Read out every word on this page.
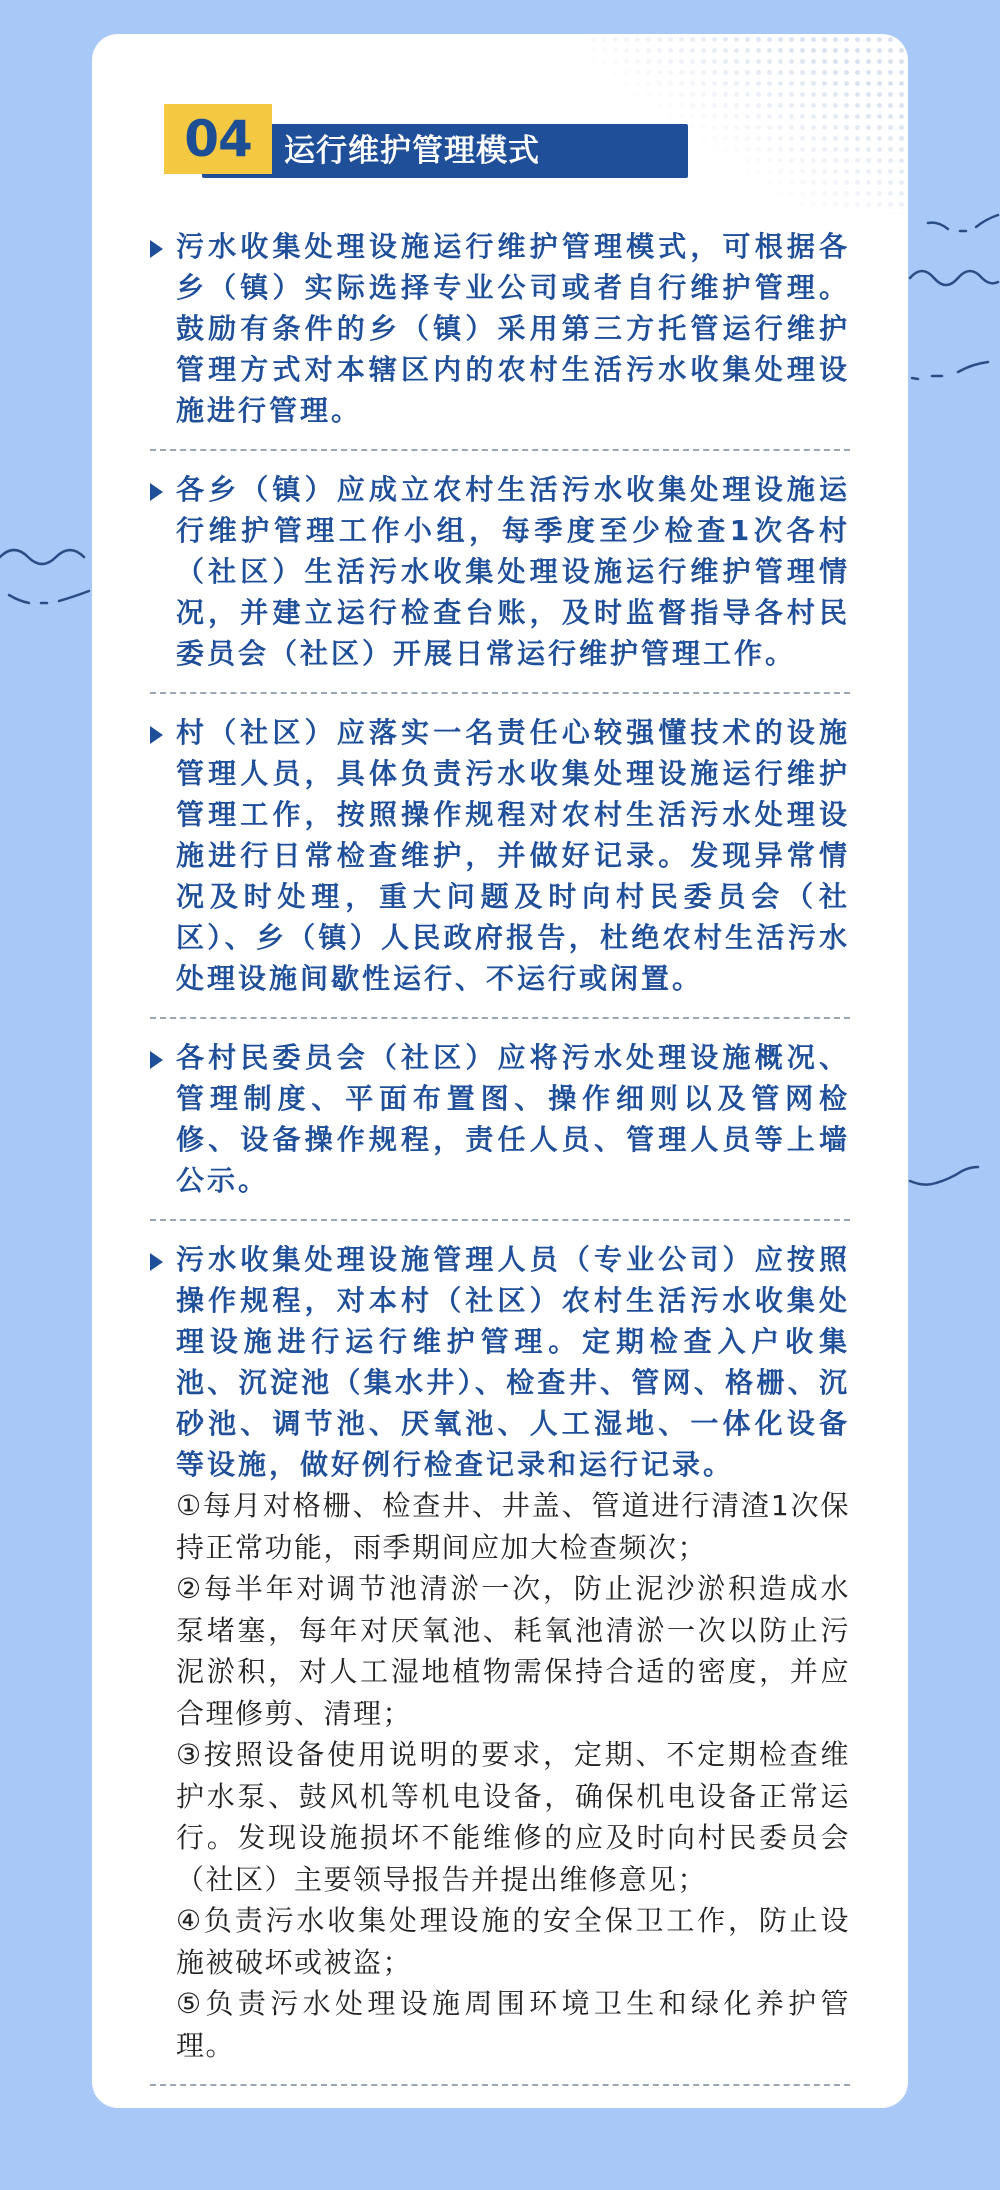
运行维护管理模式
04
污水收集处理设施运行维护管理模式，可根据各乡（镇）实际选择专业公司或者自行维护管理。鼓励有条件的乡（镇）采用第三方托管运行维护管理方式对本辖区内的农村生活污水收集处理设施进行管理。
各乡（镇）应成立农村生活污水收集处理设施运行维护管理工作小组，每季度至少检查1次各村（社区）生活污水收集处理设施运行维护管理情况，并建立运行检查台账，及时监督指导各村民委员会（社区）开展日常运行维护管理工作。
村（社区）应落实一名责任心较强懂技术的设施管理人员，具体负责污水收集处理设施运行维护管理工作，按照操作规程对农村生活污水处理设施进行日常检查维护，并做好记录。发现异常情况及时处理，重大问题及时向村民委员会（社区）、乡（镇）人民政府报告，杜绝农村生活污水处理设施间歇性运行、不运行或闲置。
各村民委员会（社区）应将污水处理设施概况、管理制度、平面布置图、操作细则以及管网检修、设备操作规程，责任人员、管理人员等上墙公示。
污水收集处理设施管理人员（专业公司）应按照操作规程，对本村（社区）农村生活污水收集处理设施进行运行维护管理。定期检查入户收集池、沉淀池（集水井）、检查井、管网、格栅、沉砂池、调节池、厌氧池、人工湿地、一体化设备等设施，做好例行检查记录和运行记录。
①每月对格栅、检查井、井盖、管道进行清渣1次保持正常功能，雨季期间应加大检查频次；
②每半年对调节池清淤一次，防止泥沙淤积造成水泵堵塞，每年对厌氧池、耗氧池清淤一次以防止污泥淤积，对人工湿地植物需保持合适的密度，并应合理修剪、清理；
③按照设备使用说明的要求，定期、不定期检查维护水泵、鼓风机等机电设备，确保机电设备正常运行。发现设施损坏不能维修的应及时向村民委员会（社区）主要领导报告并提出维修意见；
④负责污水收集处理设施的安全保卫工作，防止设施被破坏或被盗；
⑤负责污水处理设施周围环境卫生和绿化养护管理。
